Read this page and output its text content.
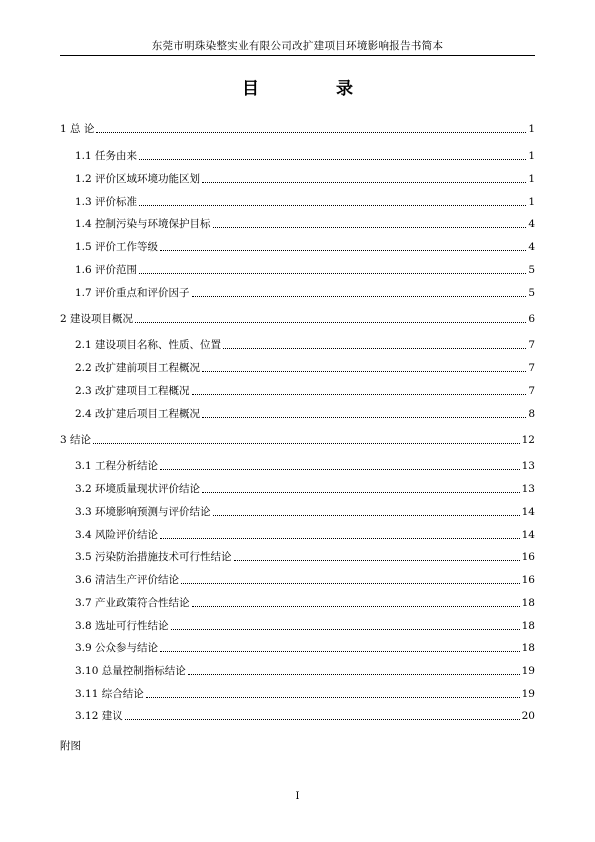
东莞市明珠染整实业有限公司改扩建项目环境影响报告书简本
目　录
1 总 论	1
1.1 任务由来	1
1.2 评价区域环境功能区划	1
1.3 评价标准	1
1.4 控制污染与环境保护目标	4
1.5 评价工作等级	4
1.6 评价范围	5
1.7 评价重点和评价因子	5
2 建设项目概况	6
2.1 建设项目名称、性质、位置	7
2.2 改扩建前项目工程概况	7
2.3 改扩建项目工程概况	7
2.4 改扩建后项目工程概况	8
3 结论	12
3.1 工程分析结论	13
3.2 环境质量现状评价结论	13
3.3 环境影响预测与评价结论	14
3.4 风险评价结论	14
3.5 污染防治措施技术可行性结论	16
3.6 清洁生产评价结论	16
3.7 产业政策符合性结论	18
3.8 选址可行性结论	18
3.9 公众参与结论	18
3.10 总量控制指标结论	19
3.11 综合结论	19
3.12 建议	20
附图
I
